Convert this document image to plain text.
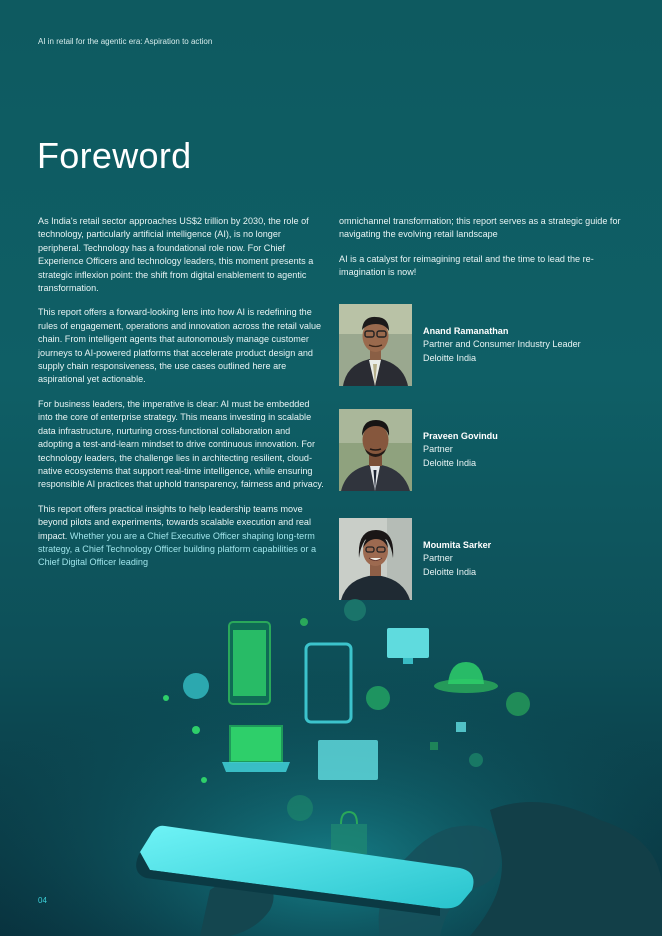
AI in retail for the agentic era: Aspiration to action
Foreword

As India's retail sector approaches US$2 trillion by 2030, the role of technology, particularly artificial intelligence (AI), is no longer peripheral. Technology has a foundational role now. For Chief Experience Officers and technology leaders, this moment presents a strategic inflexion point: the shift from digital enablement to agentic transformation.

This report offers a forward-looking lens into how AI is redefining the rules of engagement, operations and innovation across the retail value chain. From intelligent agents that autonomously manage customer journeys to AI-powered platforms that accelerate product design and supply chain responsiveness, the use cases outlined here are aspirational yet actionable.

For business leaders, the imperative is clear: AI must be embedded into the core of enterprise strategy. This means investing in scalable data infrastructure, nurturing cross-functional collaboration and adopting a test-and-learn mindset to drive continuous innovation. For technology leaders, the challenge lies in architecting resilient, cloud-native ecosystems that support real-time intelligence, while ensuring responsible AI practices that uphold transparency, fairness and privacy.

This report offers practical insights to help leadership teams move beyond pilots and experiments, towards scalable execution and real impact. Whether you are a Chief Executive Officer shaping long-term strategy, a Chief Technology Officer building platform capabilities or a Chief Digital Officer leading

omnichannel transformation; this report serves as a strategic guide for navigating the evolving retail landscape

AI is a catalyst for reimagining retail and the time to lead the re-imagination is now!

Anand Ramanathan
Partner and Consumer Industry Leader
Deloitte India
Praveen Govindu
Partner
Deloitte India
Moumita Sarker
Partner
Deloitte India
04
